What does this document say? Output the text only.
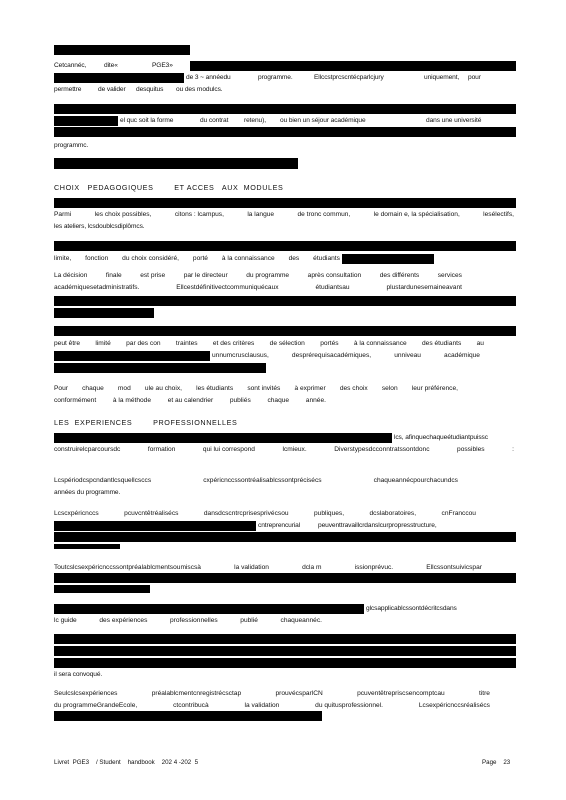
Cetcannéc,	dite«	PGE3»
de 3 ~ annéedu	programme.	Ellccstprcscntécparlcjury	uniquement, pour
permettre	de valider desquitus ou des modulcs.
el quc soit la forme	du contrat retenu), ou bien un séjour académique	dans une université
programmc.
CHOIX   PEDAGOGIQUES        ET ACCES   AUX  MODULES
Parmi	les choix possibles,	citons : lcampus,	la langue	de tronc commun,	le domain e, la spécialisation,	lesélectifs,
les ateliers, lcsdoublcsdiplômcs.
limite, fonction du choix considéré, porté à la connaissance des étudiants
La décision	finale	est prise	par le directeur	du programme	après consultation	des différents	services
académiquesetadministratifs.	Ellcestdéfinitivectcommuniquécaux	étudiantsau	plustardunesemaineavant
peut être limité par des con traintes et des critères de sélection portés à la connaissance des étudiants au
unnumcrusclausus,	desprérequisacadémiques,	unniveau	académique
Pour chaque mod ule au choix, les étudiants sont invités à exprimer des choix selon leur préférence,
conformément	à la méthode	et au calendrier	publiés	chaque	année.
LES  EXPERIENCES        PROFESSIONNELLES
lcs, afinquechaqueétudiantpuissc
construirelcparcoursdc	formation	qui lui correspond	lcmieux.	Diverstypesdcconntratssontdonc	possibles	:
Lcspériodcspcndantlcsquellcsccs	cxpéricnccssontréalisablcssontprécisécs	chaqueannécpourchacundcs
années du programme.
Lcscxpéricnccs	pcuvcntêtréalisécs	dansdcscntrcprisesprivécsou	publiques,	dcslaboratoires,	cnFranccou
cntreprencurial	peuventtravaillcrdanslcurpropresstructure,
Toutcslcsexpéricnccssontpréalablcmentsoumiscsà	la validation	dcla m	issionprévuc.	Ellcssontsuivicspar
glcsapplicablcssontdécritcsdans
lc guide	des expériences	professionnelles	publié	chaqueannéc.
il sera convoqué.
Seulcslcsexpériences	préalablcmentcnregistrécsctap	prouvécsparlCN	pcuventêtrepriscsencomptcau	titre
du programmeGrandeEcole,	ctcontribucà	la validation	du quitusprofessionnel.	Lcsexpéricnccsréalisécs
Livret  PGE3    / Student    handbook    202 4 -202  5	Page    23
